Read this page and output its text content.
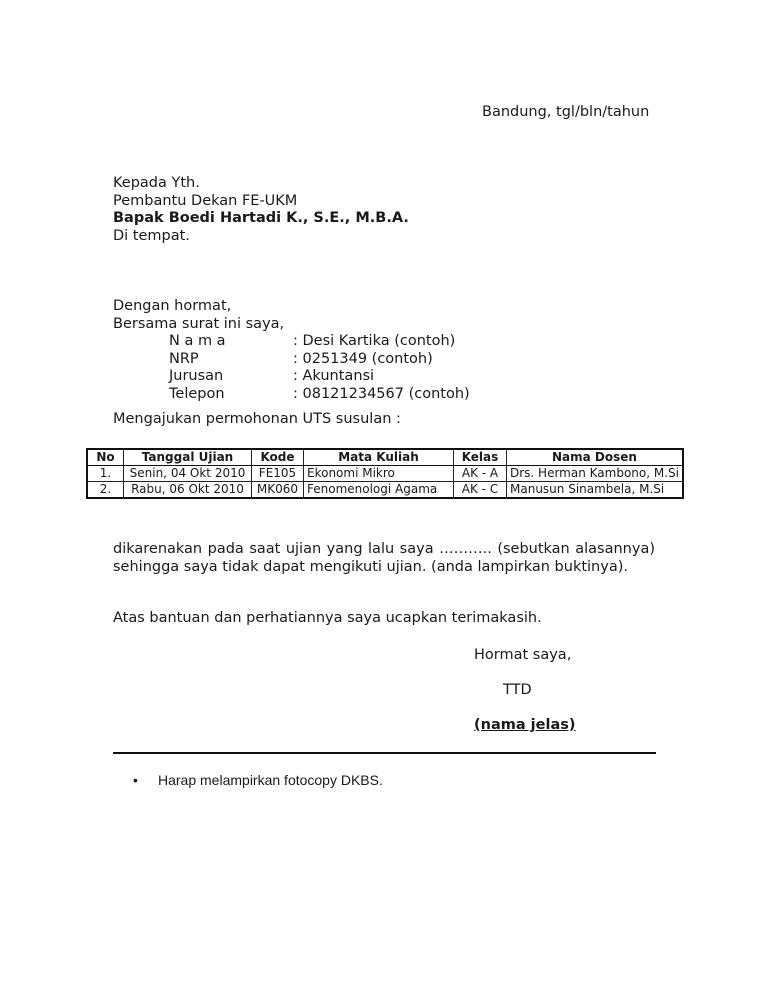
Bandung, tgl/bln/tahun
Kepada Yth.
Pembantu Dekan FE-UKM
Bapak Boedi Hartadi K., S.E., M.B.A.
Di tempat.
Dengan hormat,
Bersama surat ini saya,
N a m a	: Desi Kartika (contoh)
NRP	: 0251349 (contoh)
Jurusan	: Akuntansi
Telepon	: 08121234567 (contoh)
Mengajukan permohonan UTS susulan :
No	Tanggal Ujian	Kode	Mata Kuliah	Kelas	Nama Dosen
1.	Senin, 04 Okt 2010	FE105	Ekonomi Mikro	AK - A	Drs. Herman Kambono, M.Si
2.	Rabu, 06 Okt 2010	MK060	Fenomenologi Agama	AK - C	Manusun Sinambela, M.Si
dikarenakan pada saat ujian yang lalu saya ……….. (sebutkan alasannya) sehingga saya tidak dapat mengikuti ujian. (anda lampirkan buktinya).
Atas bantuan dan perhatiannya saya ucapkan terimakasih.
Hormat saya,
TTD
(nama jelas)
• Harap melampirkan fotocopy DKBS.
